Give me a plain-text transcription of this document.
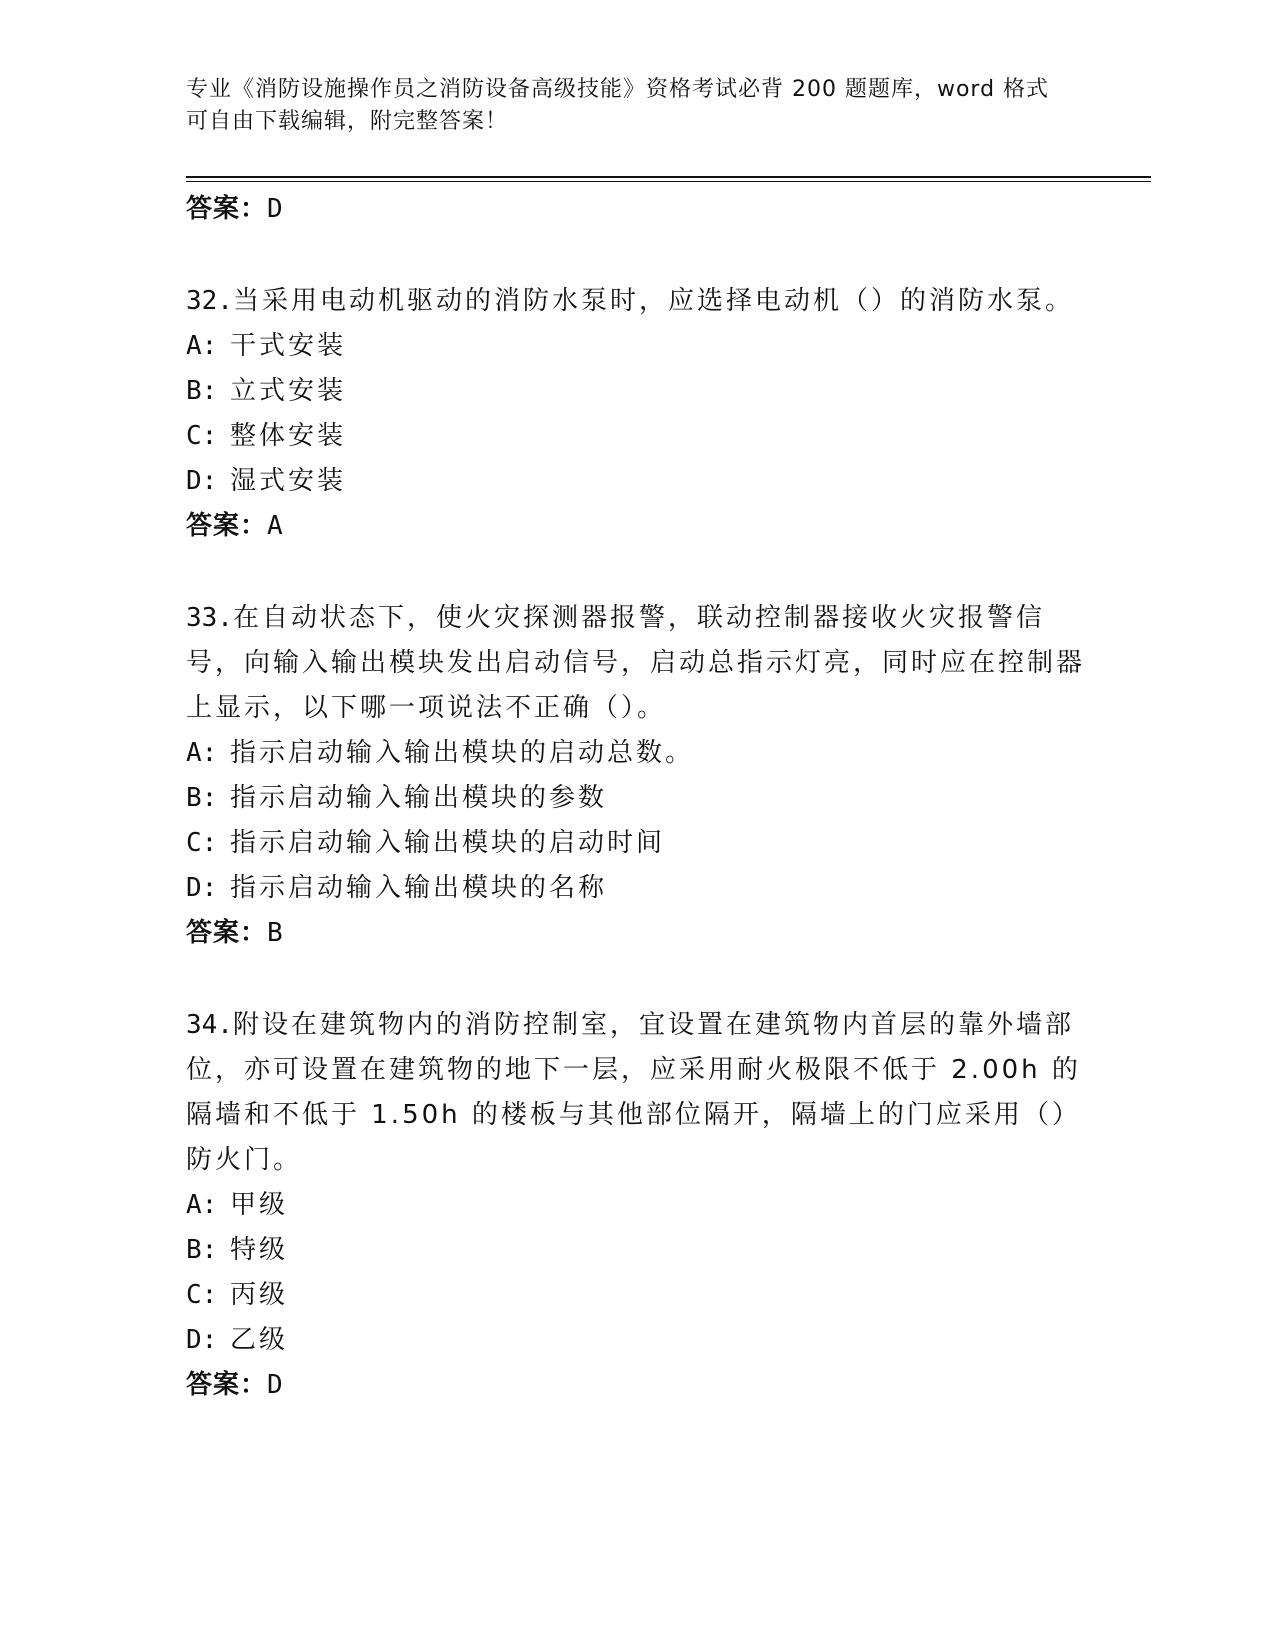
专业《消防设施操作员之消防设备高级技能》资格考试必背 200 题题库，word 格式可自由下载编辑，附完整答案！
答案：D
32.当采用电动机驱动的消防水泵时，应选择电动机（）的消防水泵。
A: 干式安装
B: 立式安装
C: 整体安装
D: 湿式安装
答案：A
33.在自动状态下，使火灾探测器报警，联动控制器接收火灾报警信号，向输入输出模块发出启动信号，启动总指示灯亮，同时应在控制器上显示，以下哪一项说法不正确（）。
A: 指示启动输入输出模块的启动总数。
B: 指示启动输入输出模块的参数
C: 指示启动输入输出模块的启动时间
D: 指示启动输入输出模块的名称
答案：B
34.附设在建筑物内的消防控制室，宜设置在建筑物内首层的靠外墙部位，亦可设置在建筑物的地下一层，应采用耐火极限不低于 2.00h 的隔墙和不低于 1.50h 的楼板与其他部位隔开，隔墙上的门应采用（）防火门。
A: 甲级
B: 特级
C: 丙级
D: 乙级
答案：D
